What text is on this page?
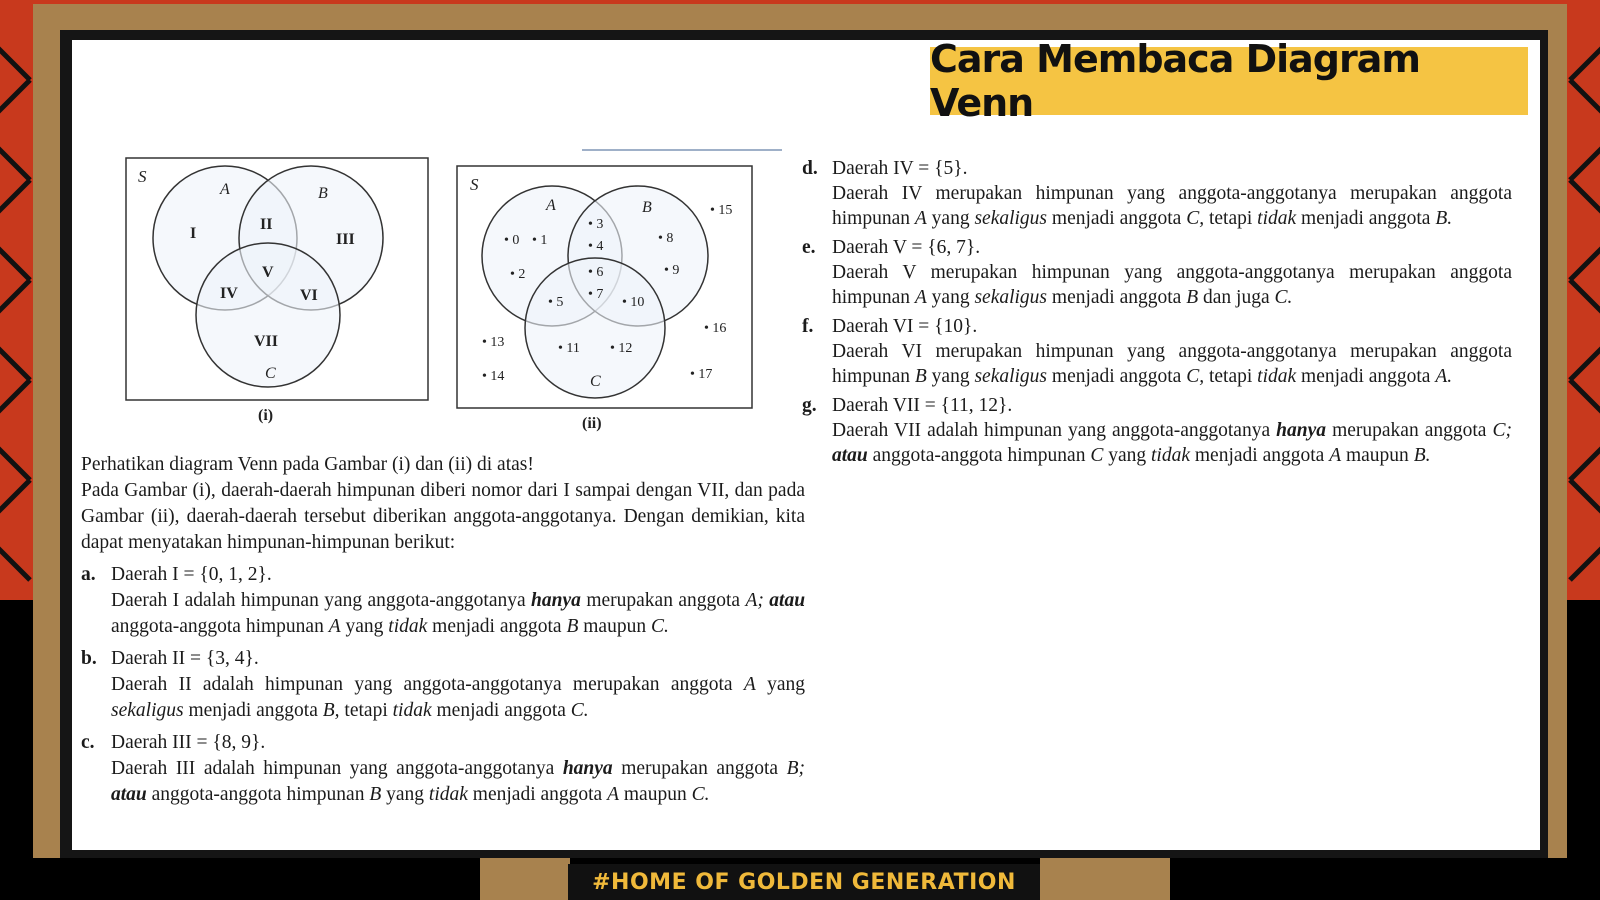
Cara Membaca Diagram Venn
S
A	B
C
I
II
III
IV
V
VI
VII
(i)
S
A	B
C
• 0 • 1
• 2
• 3
• 4
• 5
• 6
• 7
• 8
• 9
• 10
• 11 • 12
• 13
• 14
• 15
• 16
• 17
(ii)

Perhatikan diagram Venn pada Gambar (i) dan (ii) di atas!

Pada Gambar (i), daerah-daerah himpunan diberi nomor dari I sampai dengan VII, dan pada Gambar (ii), daerah-daerah tersebut diberikan anggota-anggotanya. Dengan demikian, kita dapat menyatakan himpunan-himpunan berikut:

a. Daerah I = {0, 1, 2}.
Daerah I adalah himpunan yang anggota-anggotanya hanya merupakan anggota A; atau anggota-anggota himpunan A yang tidak menjadi anggota B maupun C.
b. Daerah II = {3, 4}.
Daerah II adalah himpunan yang anggota-anggotanya merupakan anggota A yang sekaligus menjadi anggota B, tetapi tidak menjadi anggota C.
c. Daerah III = {8, 9}.
Daerah III adalah himpunan yang anggota-anggotanya hanya merupakan anggota B; atau anggota-anggota himpunan B yang tidak menjadi anggota A maupun C.
d. Daerah IV = {5}.
Daerah IV merupakan himpunan yang anggota-anggotanya merupakan anggota himpunan A yang sekaligus menjadi anggota C, tetapi tidak menjadi anggota B.
e. Daerah V = {6, 7}.
Daerah V merupakan himpunan yang anggota-anggotanya merupakan anggota himpunan A yang sekaligus menjadi anggota B dan juga C.
f. Daerah VI = {10}.
Daerah VI merupakan himpunan yang anggota-anggotanya merupakan anggota himpunan B yang sekaligus menjadi anggota C, tetapi tidak menjadi anggota A.
g. Daerah VII = {11, 12}.
Daerah VII adalah himpunan yang anggota-anggotanya hanya merupakan anggota C; atau anggota-anggota himpunan C yang tidak menjadi anggota A maupun B.
#HOME OF GOLDEN GENERATION
